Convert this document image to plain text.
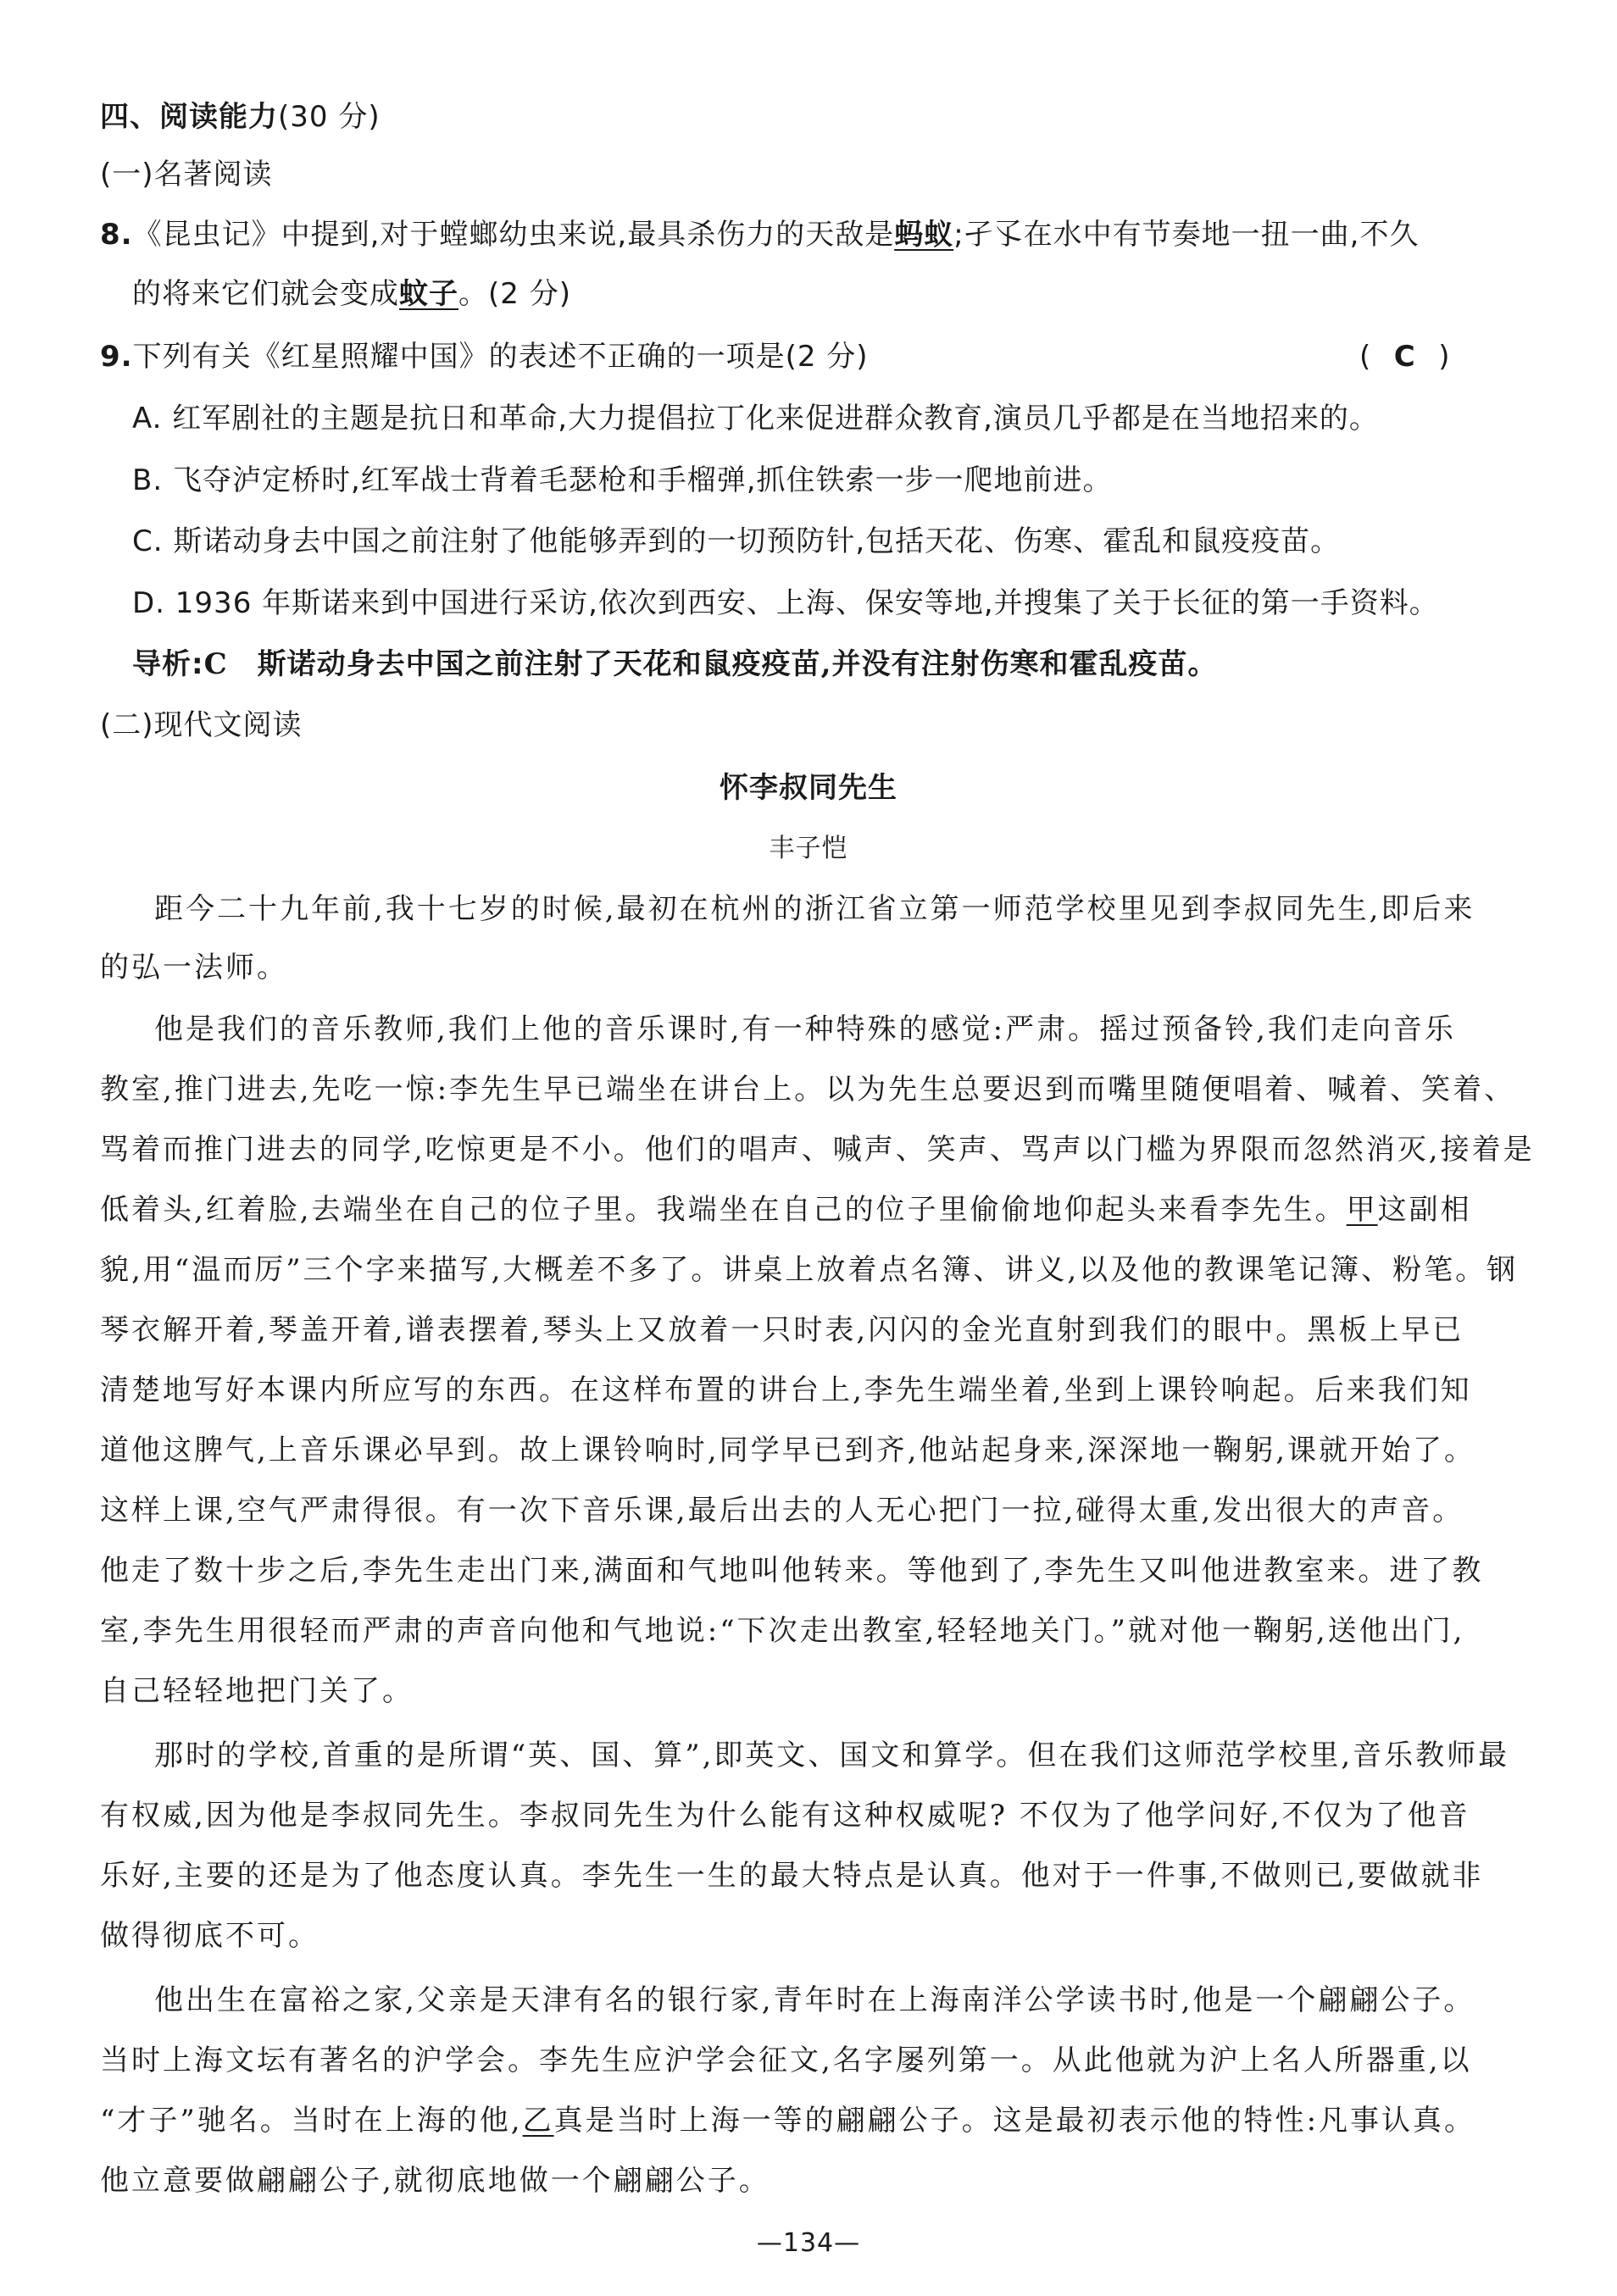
四、阅读能力(30 分)
(一)名著阅读
8.《昆虫记》中提到,对于螳螂幼虫来说,最具杀伤力的天敌是蚂蚁;孑孓在水中有节奏地一扭一曲,不久
的将来它们就会变成蚊子。(2 分)
9.下列有关《红星照耀中国》的表述不正确的一项是(2 分)	( C )
A. 红军剧社的主题是抗日和革命,大力提倡拉丁化来促进群众教育,演员几乎都是在当地招来的。
B. 飞夺泸定桥时,红军战士背着毛瑟枪和手榴弹,抓住铁索一步一爬地前进。
C. 斯诺动身去中国之前注射了他能够弄到的一切预防针,包括天花、伤寒、霍乱和鼠疫疫苗。
D. 1936 年斯诺来到中国进行采访,依次到西安、上海、保安等地,并搜集了关于长征的第一手资料。
导析:C　斯诺动身去中国之前注射了天花和鼠疫疫苗,并没有注射伤寒和霍乱疫苗。
(二)现代文阅读
怀李叔同先生
丰子恺
距今二十九年前,我十七岁的时候,最初在杭州的浙江省立第一师范学校里见到李叔同先生,即后来
的弘一法师。
他是我们的音乐教师,我们上他的音乐课时,有一种特殊的感觉:严肃。摇过预备铃,我们走向音乐
教室,推门进去,先吃一惊:李先生早已端坐在讲台上。以为先生总要迟到而嘴里随便唱着、喊着、笑着、
骂着而推门进去的同学,吃惊更是不小。他们的唱声、喊声、笑声、骂声以门槛为界限而忽然消灭,接着是
低着头,红着脸,去端坐在自己的位子里。我端坐在自己的位子里偷偷地仰起头来看李先生。甲这副相
貌,用“温而厉”三个字来描写,大概差不多了。讲桌上放着点名簿、讲义,以及他的教课笔记簿、粉笔。钢
琴衣解开着,琴盖开着,谱表摆着,琴头上又放着一只时表,闪闪的金光直射到我们的眼中。黑板上早已
清楚地写好本课内所应写的东西。在这样布置的讲台上,李先生端坐着,坐到上课铃响起。后来我们知
道他这脾气,上音乐课必早到。故上课铃响时,同学早已到齐,他站起身来,深深地一鞠躬,课就开始了。
这样上课,空气严肃得很。有一次下音乐课,最后出去的人无心把门一拉,碰得太重,发出很大的声音。
他走了数十步之后,李先生走出门来,满面和气地叫他转来。等他到了,李先生又叫他进教室来。进了教
室,李先生用很轻而严肃的声音向他和气地说:“下次走出教室,轻轻地关门。”就对他一鞠躬,送他出门,
自己轻轻地把门关了。
那时的学校,首重的是所谓“英、国、算”,即英文、国文和算学。但在我们这师范学校里,音乐教师最
有权威,因为他是李叔同先生。李叔同先生为什么能有这种权威呢? 不仅为了他学问好,不仅为了他音
乐好,主要的还是为了他态度认真。李先生一生的最大特点是认真。他对于一件事,不做则已,要做就非
做得彻底不可。
他出生在富裕之家,父亲是天津有名的银行家,青年时在上海南洋公学读书时,他是一个翩翩公子。
当时上海文坛有著名的沪学会。李先生应沪学会征文,名字屡列第一。从此他就为沪上名人所器重,以
“才子”驰名。当时在上海的他,乙真是当时上海一等的翩翩公子。这是最初表示他的特性:凡事认真。
他立意要做翩翩公子,就彻底地做一个翩翩公子。
—134—
